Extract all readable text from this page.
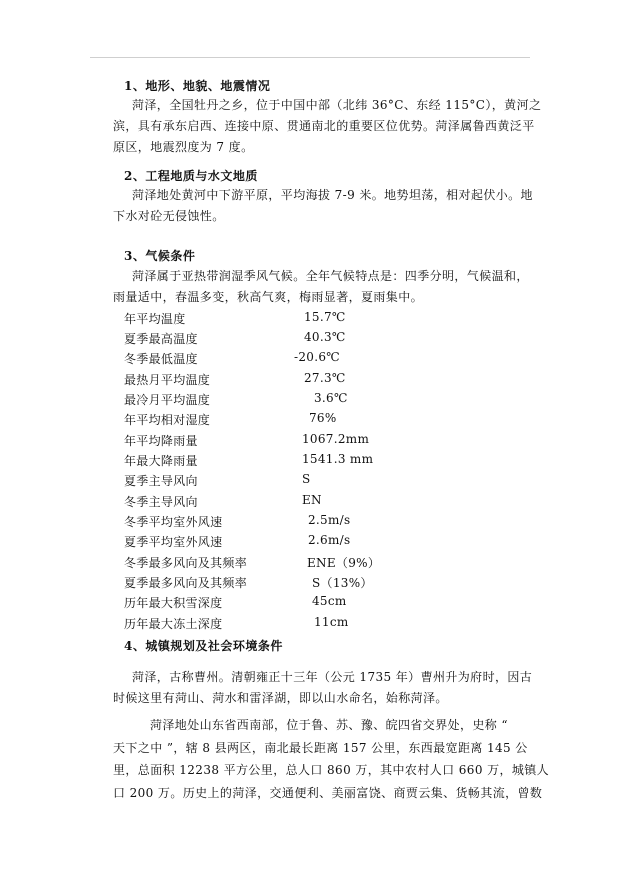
1、地形、地貌、地震情况
菏泽，全国牡丹之乡，位于中国中部（北纬 36°C、东经 115°C），黄河之
滨，具有承东启西、连接中原、贯通南北的重要区位优势。菏泽属鲁西黄泛平
原区，地震烈度为 7 度。
2、工程地质与水文地质
菏泽地处黄河中下游平原，平均海拔 7-9 米。地势坦荡，相对起伏小。地
下水对砼无侵蚀性。
3、气候条件
菏泽属于亚热带润湿季风气候。全年气候特点是：四季分明，气候温和，
雨量适中，春温多变，秋高气爽，梅雨显著，夏雨集中。
年平均温度	15.7℃
夏季最高温度	40.3℃
冬季最低温度	-20.6℃
最热月平均温度	27.3℃
最冷月平均温度	3.6℃
年平均相对湿度	76%
年平均降雨量	1067.2mm
年最大降雨量	1541.3 mm
夏季主导风向	S
冬季主导风向	EN
冬季平均室外风速	2.5m/s
夏季平均室外风速	2.6m/s
冬季最多风向及其频率	ENE（9%）
夏季最多风向及其频率	S（13%）
历年最大积雪深度	45cm
历年最大冻土深度	11cm
4、城镇规划及社会环境条件
菏泽，古称曹州。清朝雍正十三年（公元 1735 年）曹州升为府时，因古
时候这里有菏山、菏水和雷泽湖，即以山水命名，始称菏泽。
菏泽地处山东省西南部，位于鲁、苏、豫、皖四省交界处，史称 “
天下之中 ”，辖 8 县两区，南北最长距离 157 公里，东西最宽距离 145 公
里，总面积 12238 平方公里，总人口 860 万，其中农村人口 660 万，城镇人
口 200 万。历史上的菏泽，交通便利、美丽富饶、商贾云集、货畅其流，曾数
